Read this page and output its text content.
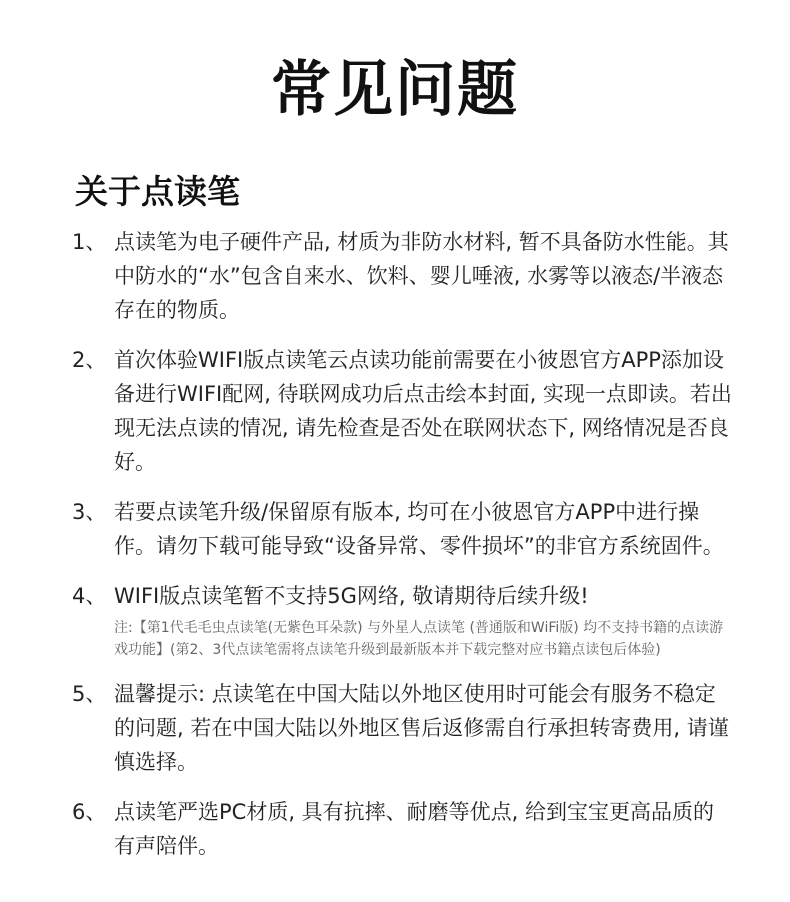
常见问题
关于点读笔
1、 点读笔为电子硬件产品, 材质为非防水材料, 暂不具备防水性能。其中防水的“水”包含自来水、饮料、婴儿唾液, 水雾等以液态/半液态存在的物质。
2、 首次体验WIFI版点读笔云点读功能前需要在小彼恩官方APP添加设备进行WIFI配网, 待联网成功后点击绘本封面, 实现一点即读。若出现无法点读的情况, 请先检查是否处在联网状态下, 网络情况是否良好。
3、 若要点读笔升级/保留原有版本, 均可在小彼恩官方APP中进行操作。请勿下载可能导致“设备异常、零件损坏”的非官方系统固件。
4、 WIFI版点读笔暂不支持5G网络, 敬请期待后续升级!
注:【第1代毛毛虫点读笔(无紫色耳朵款) 与外星人点读笔 (普通版和WiFi版) 均不支持书籍的点读游戏功能】(第2、3代点读笔需将点读笔升级到最新版本并下载完整对应书籍点读包后体验)
5、 温馨提示: 点读笔在中国大陆以外地区使用时可能会有服务不稳定的问题, 若在中国大陆以外地区售后返修需自行承担转寄费用, 请谨慎选择。
6、 点读笔严选PC材质, 具有抗摔、耐磨等优点, 给到宝宝更高品质的有声陪伴。
